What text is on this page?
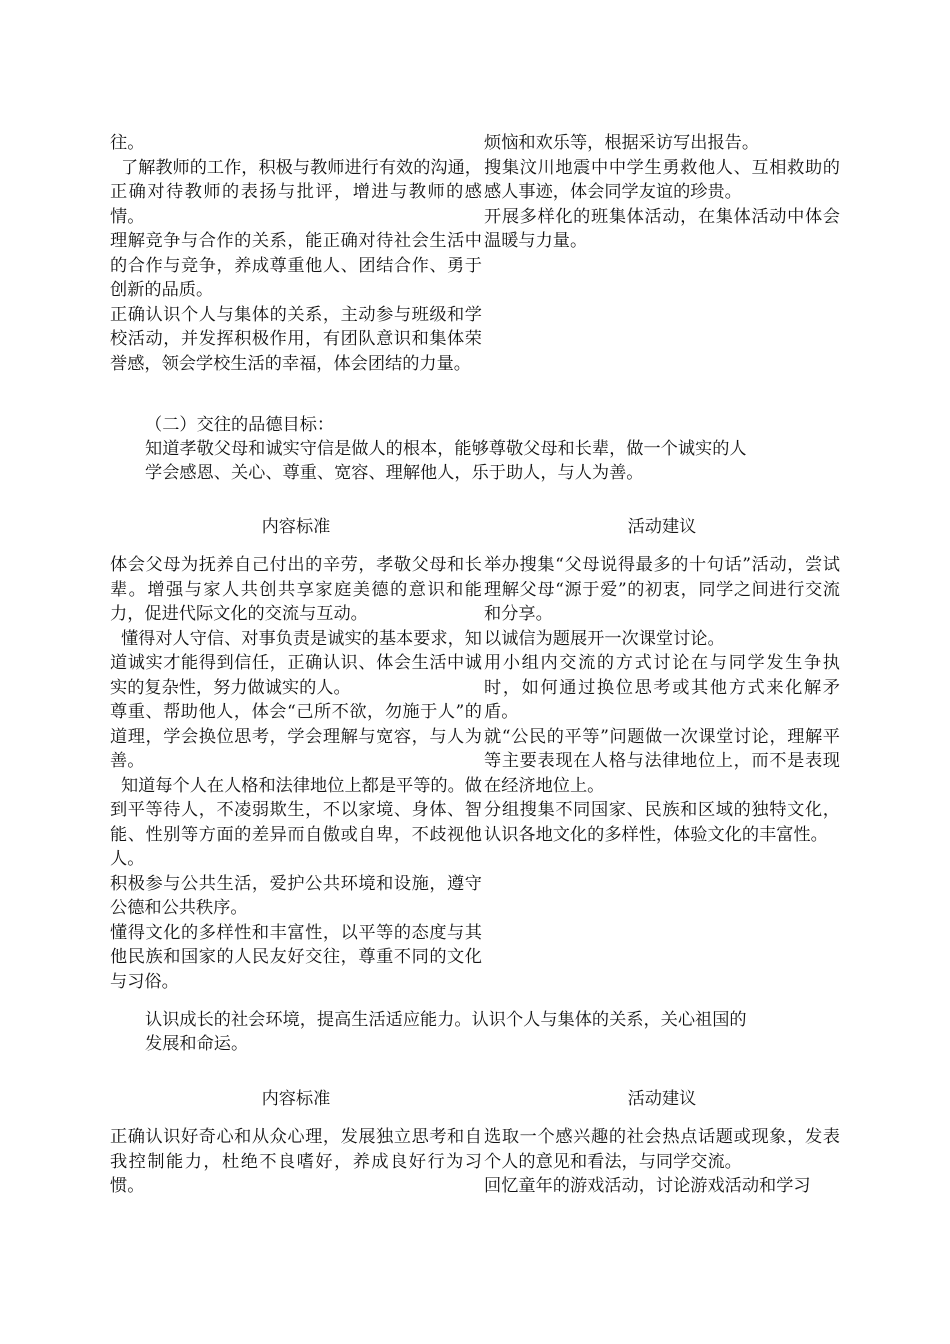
往。

了解教师的工作，积极与教师进行有效的沟通，正确对待教师的表扬与批评，增进与教师的感情。

理解竞争与合作的关系，能正确对待社会生活中的合作与竞争，养成尊重他人、团结合作、勇于创新的品质。

正确认识个人与集体的关系，主动参与班级和学校活动，并发挥积极作用，有团队意识和集体荣誉感，领会学校生活的幸福，体会团结的力量。

烦恼和欢乐等，根据采访写出报告。

搜集汶川地震中中学生勇救他人、互相救助的感人事迹，体会同学友谊的珍贵。

开展多样化的班集体活动，在集体活动中体会温暖与力量。

（二）交往的品德目标：
知道孝敬父母和诚实守信是做人的根本，能够尊敬父母和长辈，做一个诚实的人
学会感恩、关心、尊重、宽容、理解他人，乐于助人，与人为善。
内容标准	活动建议

体会父母为抚养自己付出的辛劳，孝敬父母和长辈。增强与家人共创共享家庭美德的意识和能力，促进代际文化的交流与互动。

懂得对人守信、对事负责是诚实的基本要求，知道诚实才能得到信任，正确认识、体会生活中诚实的复杂性，努力做诚实的人。

尊重、帮助他人，体会“己所不欲，勿施于人”的道理，学会换位思考，学会理解与宽容，与人为善。

知道每个人在人格和法律地位上都是平等的。做到平等待人，不凌弱欺生，不以家境、身体、智能、性别等方面的差异而自傲或自卑，不歧视他人。

积极参与公共生活，爱护公共环境和设施，遵守公德和公共秩序。

懂得文化的多样性和丰富性，以平等的态度与其他民族和国家的人民友好交往，尊重不同的文化与习俗。

举办搜集“父母说得最多的十句话”活动，尝试理解父母“源于爱”的初衷，同学之间进行交流和分享。

以诚信为题展开一次课堂讨论。

用小组内交流的方式讨论在与同学发生争执时，如何通过换位思考或其他方式来化解矛盾。

就“公民的平等”问题做一次课堂讨论，理解平等主要表现在人格与法律地位上，而不是表现在经济地位上。

分组搜集不同国家、民族和区域的独特文化，认识各地文化的多样性，体验文化的丰富性。

认识成长的社会环境，提高生活适应能力。认识个人与集体的关系，关心祖国的
发展和命运。
内容标准	活动建议

正确认识好奇心和从众心理，发展独立思考和自我控制能力，杜绝不良嗜好，养成良好行为习惯。

选取一个感兴趣的社会热点话题或现象，发表个人的意见和看法，与同学交流。

回忆童年的游戏活动，讨论游戏活动和学习
